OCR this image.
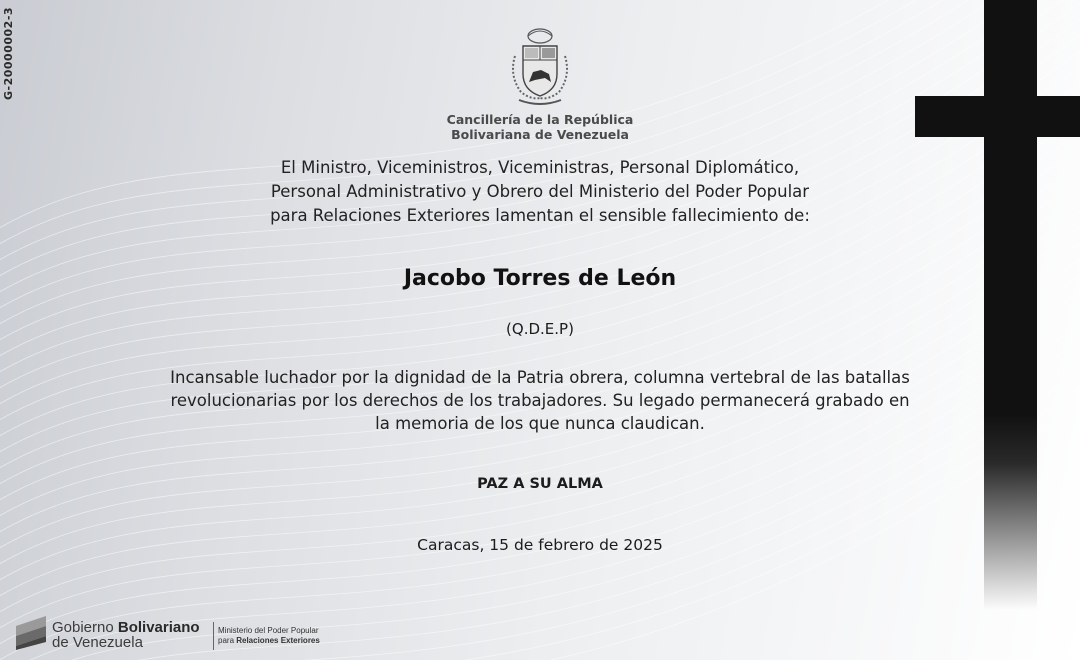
G-20000002-3
Cancillería de la República
Bolivariana de Venezuela
El Ministro, Viceministros, Viceministras, Personal Diplomático,
Personal Administrativo y Obrero del Ministerio del Poder Popular
para Relaciones Exteriores lamentan el sensible fallecimiento de:
Jacobo Torres de León
(Q.D.E.P)
Incansable luchador por la dignidad de la Patria obrera, columna vertebral de las batallas
revolucionarias por los derechos de los trabajadores. Su legado permanecerá grabado en
la memoria de los que nunca claudican.
PAZ A SU ALMA
Caracas, 15 de febrero de 2025
Gobierno Bolivariano
de Venezuela
Ministerio del Poder Popular
para Relaciones Exteriores
